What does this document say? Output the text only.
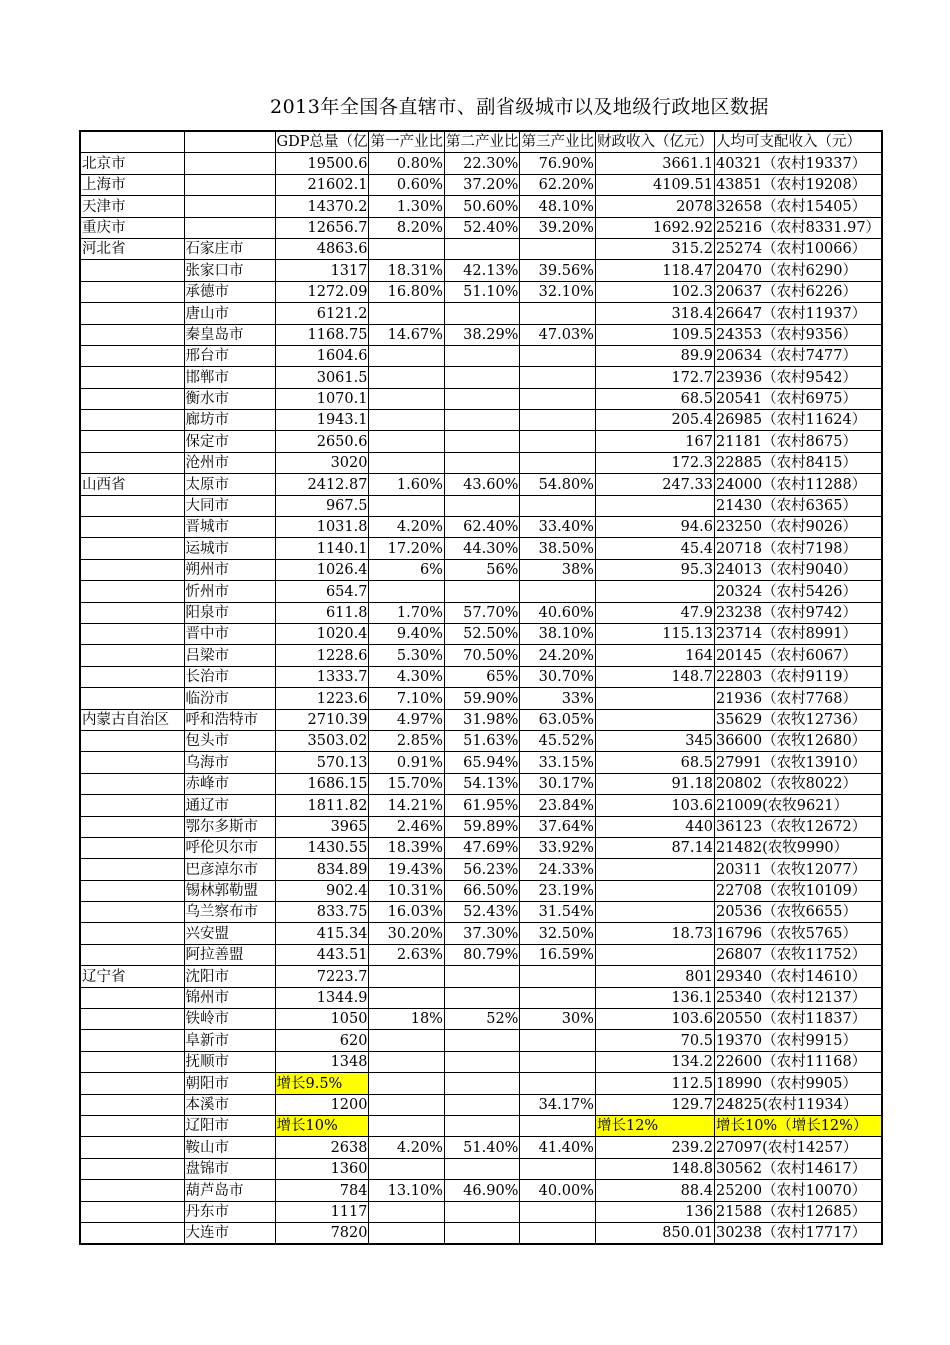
2013年全国各直辖市、副省级城市以及地级行政地区数据
		GDP总量（亿	第一产业比	第二产业比	第三产业比	财政收入（亿元）	人均可支配收入（元）
北京市		19500.6	0.80%	22.30%	76.90%	3661.1	40321（农村19337）
上海市		21602.1	0.60%	37.20%	62.20%	4109.51	43851（农村19208）
天津市		14370.2	1.30%	50.60%	48.10%	2078	32658（农村15405）
重庆市		12656.7	8.20%	52.40%	39.20%	1692.92	25216（农村8331.97）
河北省	石家庄市	4863.6				315.2	25274（农村10066）
	张家口市	1317	18.31%	42.13%	39.56%	118.47	20470（农村6290）
	承德市	1272.09	16.80%	51.10%	32.10%	102.3	20637（农村6226）
	唐山市	6121.2				318.4	26647（农村11937）
	秦皇岛市	1168.75	14.67%	38.29%	47.03%	109.5	24353（农村9356）
	邢台市	1604.6				89.9	20634（农村7477）
	邯郸市	3061.5				172.7	23936（农村9542）
	衡水市	1070.1				68.5	20541（农村6975）
	廊坊市	1943.1				205.4	26985（农村11624）
	保定市	2650.6				167	21181（农村8675）
	沧州市	3020				172.3	22885（农村8415）
山西省	太原市	2412.87	1.60%	43.60%	54.80%	247.33	24000（农村11288）
	大同市	967.5					21430（农村6365）
	晋城市	1031.8	4.20%	62.40%	33.40%	94.6	23250（农村9026）
	运城市	1140.1	17.20%	44.30%	38.50%	45.4	20718（农村7198）
	朔州市	1026.4	6%	56%	38%	95.3	24013（农村9040）
	忻州市	654.7					20324（农村5426）
	阳泉市	611.8	1.70%	57.70%	40.60%	47.9	23238（农村9742）
	晋中市	1020.4	9.40%	52.50%	38.10%	115.13	23714（农村8991）
	吕梁市	1228.6	5.30%	70.50%	24.20%	164	20145（农村6067）
	长治市	1333.7	4.30%	65%	30.70%	148.7	22803（农村9119）
	临汾市	1223.6	7.10%	59.90%	33%		21936（农村7768）
内蒙古自治区	呼和浩特市	2710.39	4.97%	31.98%	63.05%		35629（农牧12736）
	包头市	3503.02	2.85%	51.63%	45.52%	345	36600（农牧12680）
	乌海市	570.13	0.91%	65.94%	33.15%	68.5	27991（农牧13910）
	赤峰市	1686.15	15.70%	54.13%	30.17%	91.18	20802（农牧8022）
	通辽市	1811.82	14.21%	61.95%	23.84%	103.6	21009(农牧9621）
	鄂尔多斯市	3965	2.46%	59.89%	37.64%	440	36123（农牧12672）
	呼伦贝尔市	1430.55	18.39%	47.69%	33.92%	87.14	21482(农牧9990）
	巴彦淖尔市	834.89	19.43%	56.23%	24.33%		20311（农牧12077）
	锡林郭勒盟	902.4	10.31%	66.50%	23.19%		22708（农牧10109）
	乌兰察布市	833.75	16.03%	52.43%	31.54%		20536（农牧6655）
	兴安盟	415.34	30.20%	37.30%	32.50%	18.73	16796（农牧5765）
	阿拉善盟	443.51	2.63%	80.79%	16.59%		26807（农牧11752）
辽宁省	沈阳市	7223.7				801	29340（农村14610）
	锦州市	1344.9				136.1	25340（农村12137）
	铁岭市	1050	18%	52%	30%	103.6	20550（农村11837）
	阜新市	620				70.5	19370（农村9915）
	抚顺市	1348				134.2	22600（农村11168）
	朝阳市	增长9.5%				112.5	18990（农村9905）
	本溪市	1200			34.17%	129.7	24825(农村11934）
	辽阳市	增长10%				增长12%	增长10%（增长12%）
	鞍山市	2638	4.20%	51.40%	41.40%	239.2	27097(农村14257）
	盘锦市	1360				148.8	30562（农村14617）
	葫芦岛市	784	13.10%	46.90%	40.00%	88.4	25200（农村10070）
	丹东市	1117				136	21588（农村12685）
	大连市	7820				850.01	30238（农村17717）
